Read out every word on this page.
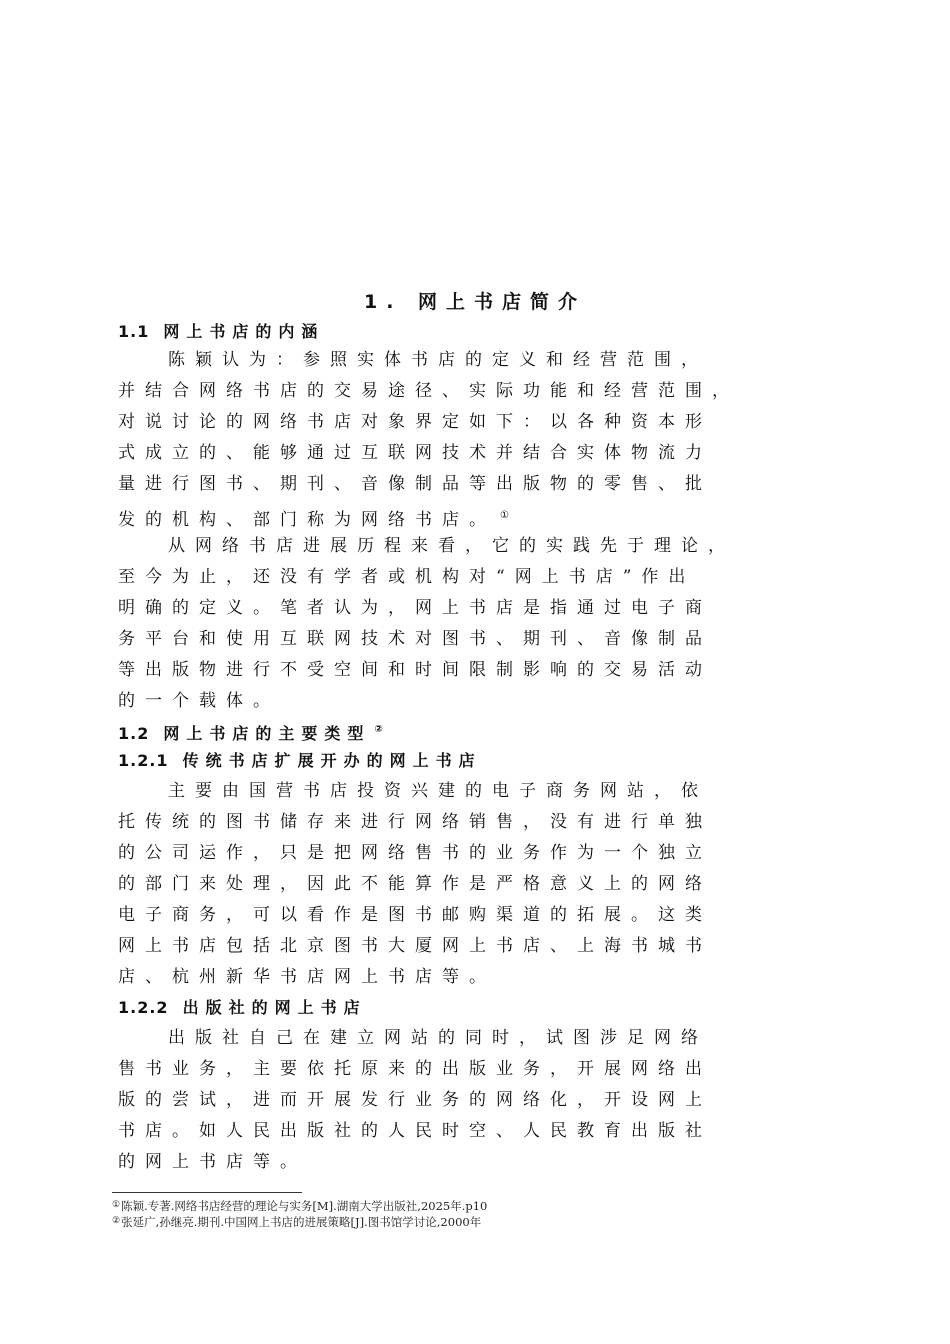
1. 网上书店简介
1.1 网上书店的内涵
陈颖认为：参照实体书店的定义和经营范围，
并结合网络书店的交易途径、实际功能和经营范围，
对说讨论的网络书店对象界定如下：以各种资本形
式成立的、能够通过互联网技术并结合实体物流力
量进行图书、期刊、音像制品等出版物的零售、批
发的机构、部门称为网络书店。 ①
从网络书店进展历程来看，它的实践先于理论，
至今为止，还没有学者或机构对“网上书店”作出
明确的定义。笔者认为，网上书店是指通过电子商
务平台和使用互联网技术对图书、期刊、音像制品
等出版物进行不受空间和时间限制影响的交易活动
的一个载体。
1.2 网上书店的主要类型 ②
1.2.1 传统书店扩展开办的网上书店
主要由国营书店投资兴建的电子商务网站，依
托传统的图书储存来进行网络销售，没有进行单独
的公司运作，只是把网络售书的业务作为一个独立
的部门来处理，因此不能算作是严格意义上的网络
电子商务，可以看作是图书邮购渠道的拓展。这类
网上书店包括北京图书大厦网上书店、上海书城书
店、杭州新华书店网上书店等。
1.2.2 出版社的网上书店
出版社自己在建立网站的同时，试图涉足网络
售书业务，主要依托原来的出版业务，开展网络出
版的尝试，进而开展发行业务的网络化，开设网上
书店。如人民出版社的人民时空、人民教育出版社
的网上书店等。
①陈颖.专著.网络书店经营的理论与实务[M].湖南大学出版社,2025年.p10
②张延广,孙继亮.期刊.中国网上书店的进展策略[J].图书馆学讨论,2000年
